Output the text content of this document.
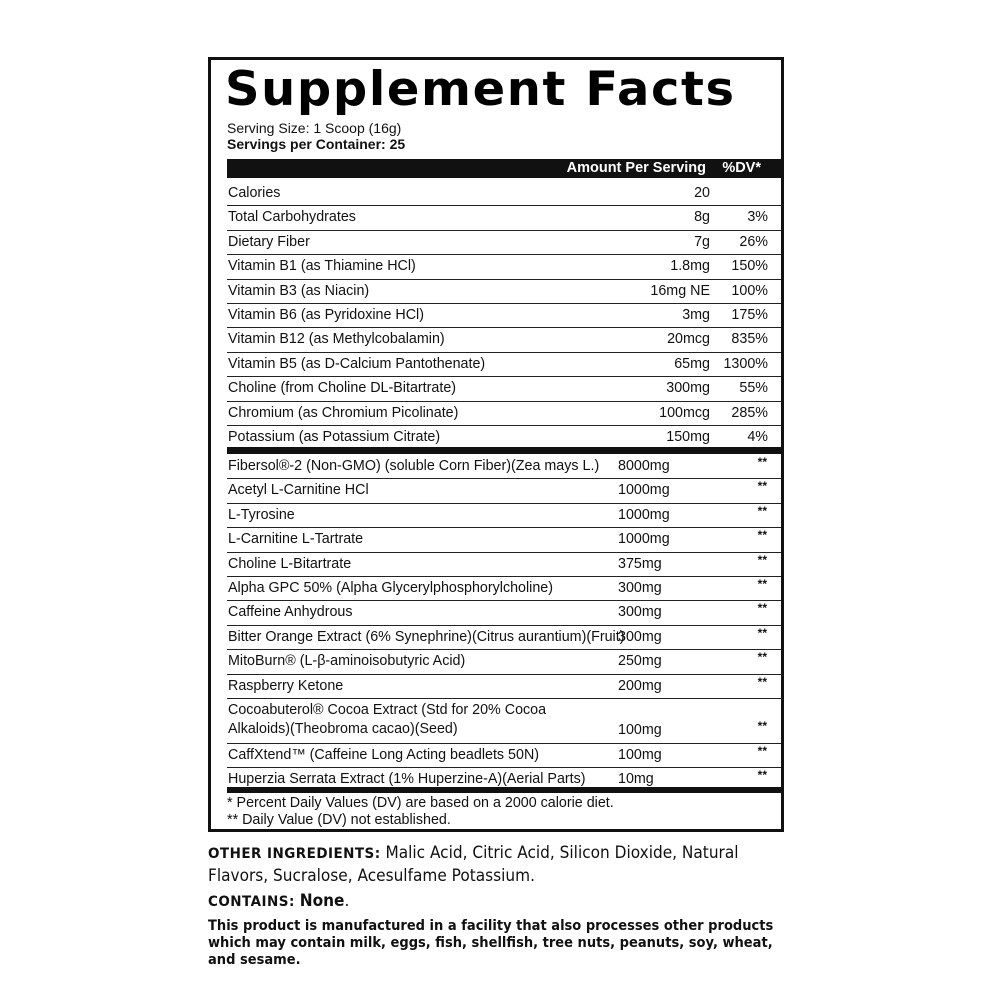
Supplement Facts
Serving Size: 1 Scoop (16g)
Servings per Container: 25
Amount Per Serving %DV*
Calories	20
Total Carbohydrates	8g	3%
Dietary Fiber	7g 26%
Vitamin B1 (as Thiamine HCl)	1.8mg 150%
Vitamin B3 (as Niacin)	16mg NE 100%
Vitamin B6 (as Pyridoxine HCl)	3mg 175%
Vitamin B12 (as Methylcobalamin)	20mcg 835%
Vitamin B5 (as D-Calcium Pantothenate)	65mg 1300%
Choline (from Choline DL-Bitartrate)	300mg 55%
Chromium (as Chromium Picolinate)	100mcg 285%
Potassium (as Potassium Citrate)	150mg	4%
Fibersol®-2 (Non-GMO) (soluble Corn Fiber)(Zea mays L.) 8000mg	**
Acetyl L-Carnitine HCl	1000mg	**
L-Tyrosine	1000mg	**
L-Carnitine L-Tartrate	1000mg	**
Choline L-Bitartrate	375mg	**
Alpha GPC 50% (Alpha Glycerylphosphorylcholine)	300mg	**
Caffeine Anhydrous	300mg	**
Bitter Orange Extract (6% Synephrine)(Citrus aurantium)(Fruit)
300mg	**
MitoBurn® (L-β-aminoisobutyric Acid)	250mg	**
Raspberry Ketone	200mg	**
Cocoabuterol® Cocoa Extract (Std for 20% Cocoa
Alkaloids)(Theobroma cacao)(Seed)	100mg	**
CaffXtend™ (Caffeine Long Acting beadlets 50N)	100mg	**
Huperzia Serrata Extract (1% Huperzine-A)(Aerial Parts) 10mg	**
* Percent Daily Values (DV) are based on a 2000 calorie diet.
** Daily Value (DV) not established.
OTHER INGREDIENTS: Malic Acid, Citric Acid, Silicon Dioxide, Natural Flavors, Sucralose, Acesulfame Potassium.
CONTAINS: None.
This product is manufactured in a facility that also processes other products which may contain milk, eggs, fish, shellfish, tree nuts, peanuts, soy, wheat, and sesame.
